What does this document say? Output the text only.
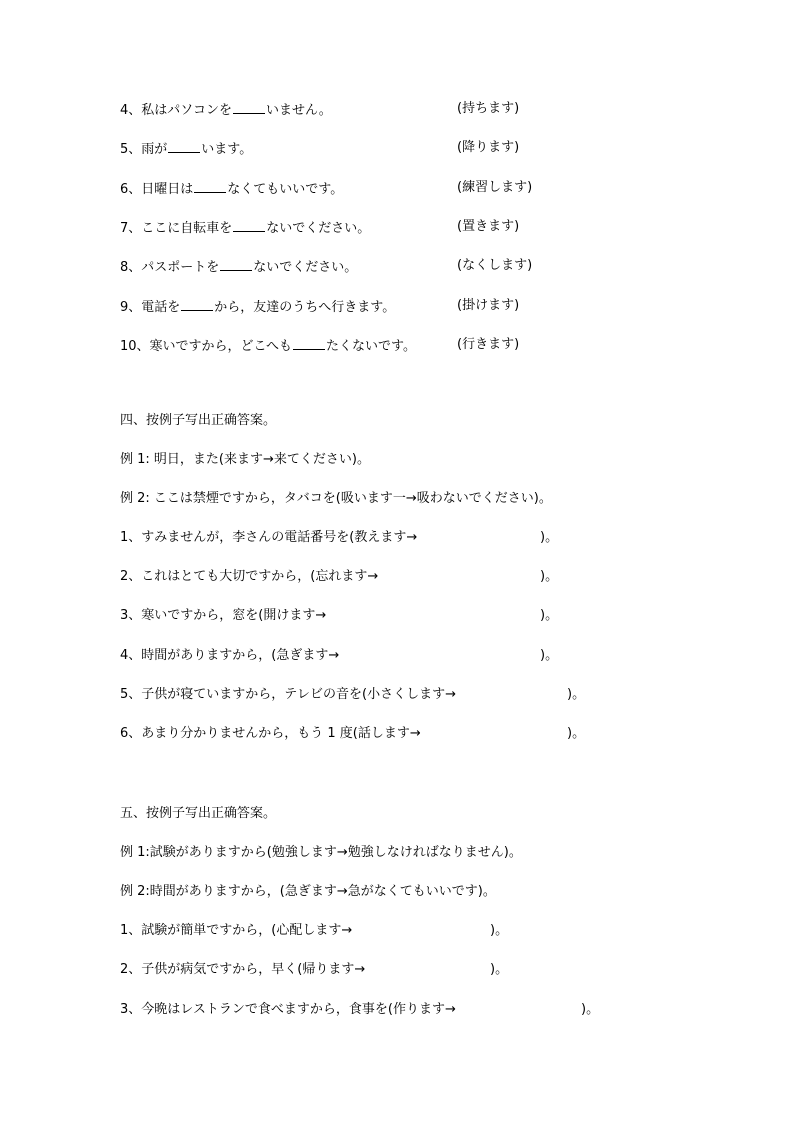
4、私はパソコンを	いません。	(持ちます)
5、雨が	います。	(降ります)
6、日曜日は	なくてもいいです。	(練習します)
7、ここに自転車を	ないでください。	(置きます)
8、パスポートを	ないでください。	(なくします)
9、電話を	から，友達のうちへ行きます。	(掛けます)
10、寒いですから，どこへも	たくないです。	(行きます)
四、按例子写出正确答案。
例 1: 明日，また(来ます→来てください)。
例 2: ここは禁煙ですから，タバコを(吸います一→吸わないでください)。
1、すみませんが，李さんの電話番号を(教えます→	)。
2、これはとても大切ですから，(忘れます→	)。
3、寒いですから，窓を(開けます→	)。
4、時間がありますから，(急ぎます→	)。
5、子供が寝ていますから，テレビの音を(小さくします→	)。
6、あまり分かりませんから，もう 1 度(話します→	)。
五、按例子写出正确答案。
例 1:試験がありますから(勉強します→勉強しなければなりません)。
例 2:時間がありますから，(急ぎます→急がなくてもいいです)。
1、試験が簡単ですから，(心配します→	)。
2、子供が病気ですから，早く(帰ります→	)。
3、今晩はレストランで食べますから，食事を(作ります→	)。
